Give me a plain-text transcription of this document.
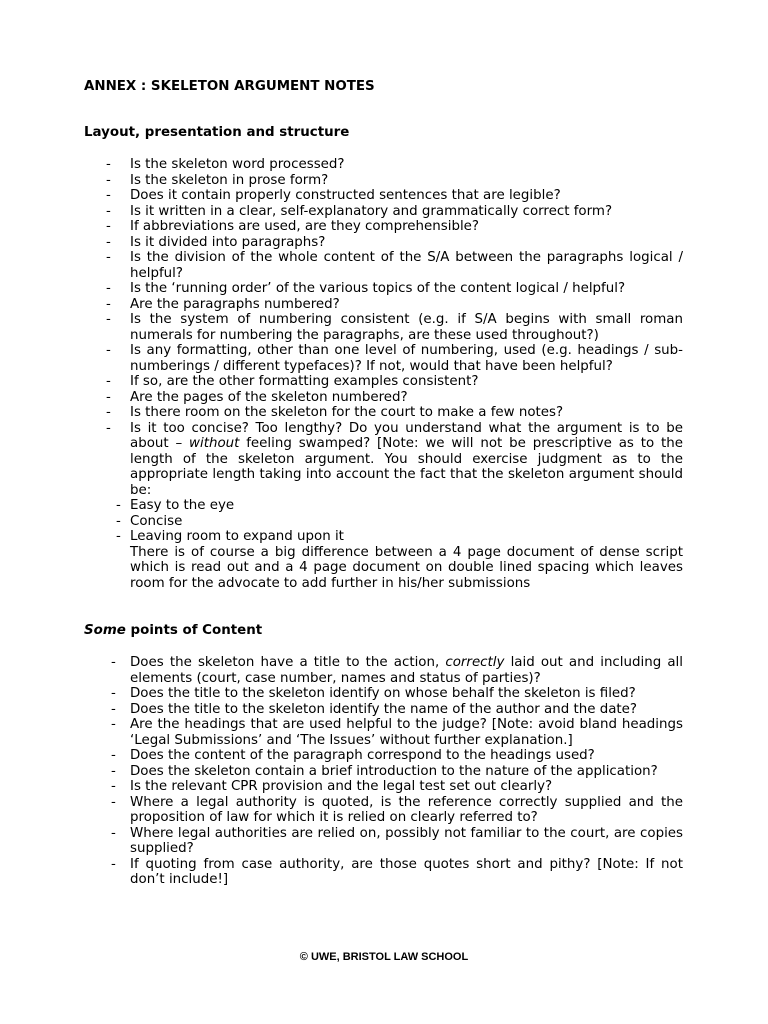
ANNEX : SKELETON ARGUMENT NOTES

Layout, presentation and structure

- Is the skeleton word processed?
- Is the skeleton in prose form?
- Does it contain properly constructed sentences that are legible?
- Is it written in a clear, self-explanatory and grammatically correct form?
- If abbreviations are used, are they comprehensible?
- Is it divided into paragraphs?
- Is the division of the whole content of the S/A between the paragraphs logical / helpful?
- Is the ‘running order’ of the various topics of the content logical / helpful?
- Are the paragraphs numbered?
- Is the system of numbering consistent (e.g. if S/A begins with small roman numerals for numbering the paragraphs, are these used throughout?)
- Is any formatting, other than one level of numbering, used (e.g. headings / sub- numberings / different typefaces)? If not, would that have been helpful?
- If so, are the other formatting examples consistent?
- Are the pages of the skeleton numbered?
- Is there room on the skeleton for the court to make a few notes?
- Is it too concise? Too lengthy? Do you understand what the argument is to be about – without feeling swamped? [Note: we will not be prescriptive as to the length of the skeleton argument. You should exercise judgment as to the appropriate length taking into account the fact that the skeleton argument should be:
- Easy to the eye
- Concise
- Leaving room to expand upon it
There is of course a big difference between a 4 page document of dense script which is read out and a 4 page document on double lined spacing which leaves room for the advocate to add further in his/her submissions

Some points of Content

- Does the skeleton have a title to the action, correctly laid out and including all elements (court, case number, names and status of parties)?
- Does the title to the skeleton identify on whose behalf the skeleton is filed?
- Does the title to the skeleton identify the name of the author and the date?
- Are the headings that are used helpful to the judge? [Note: avoid bland headings ‘Legal Submissions’ and ‘The Issues’ without further explanation.]
- Does the content of the paragraph correspond to the headings used?
- Does the skeleton contain a brief introduction to the nature of the application?
- Is the relevant CPR provision and the legal test set out clearly?
- Where a legal authority is quoted, is the reference correctly supplied and the proposition of law for which it is relied on clearly referred to?
- Where legal authorities are relied on, possibly not familiar to the court, are copies supplied?
- If quoting from case authority, are those quotes short and pithy? [Note: If not don’t include!]
© UWE, BRISTOL LAW SCHOOL
